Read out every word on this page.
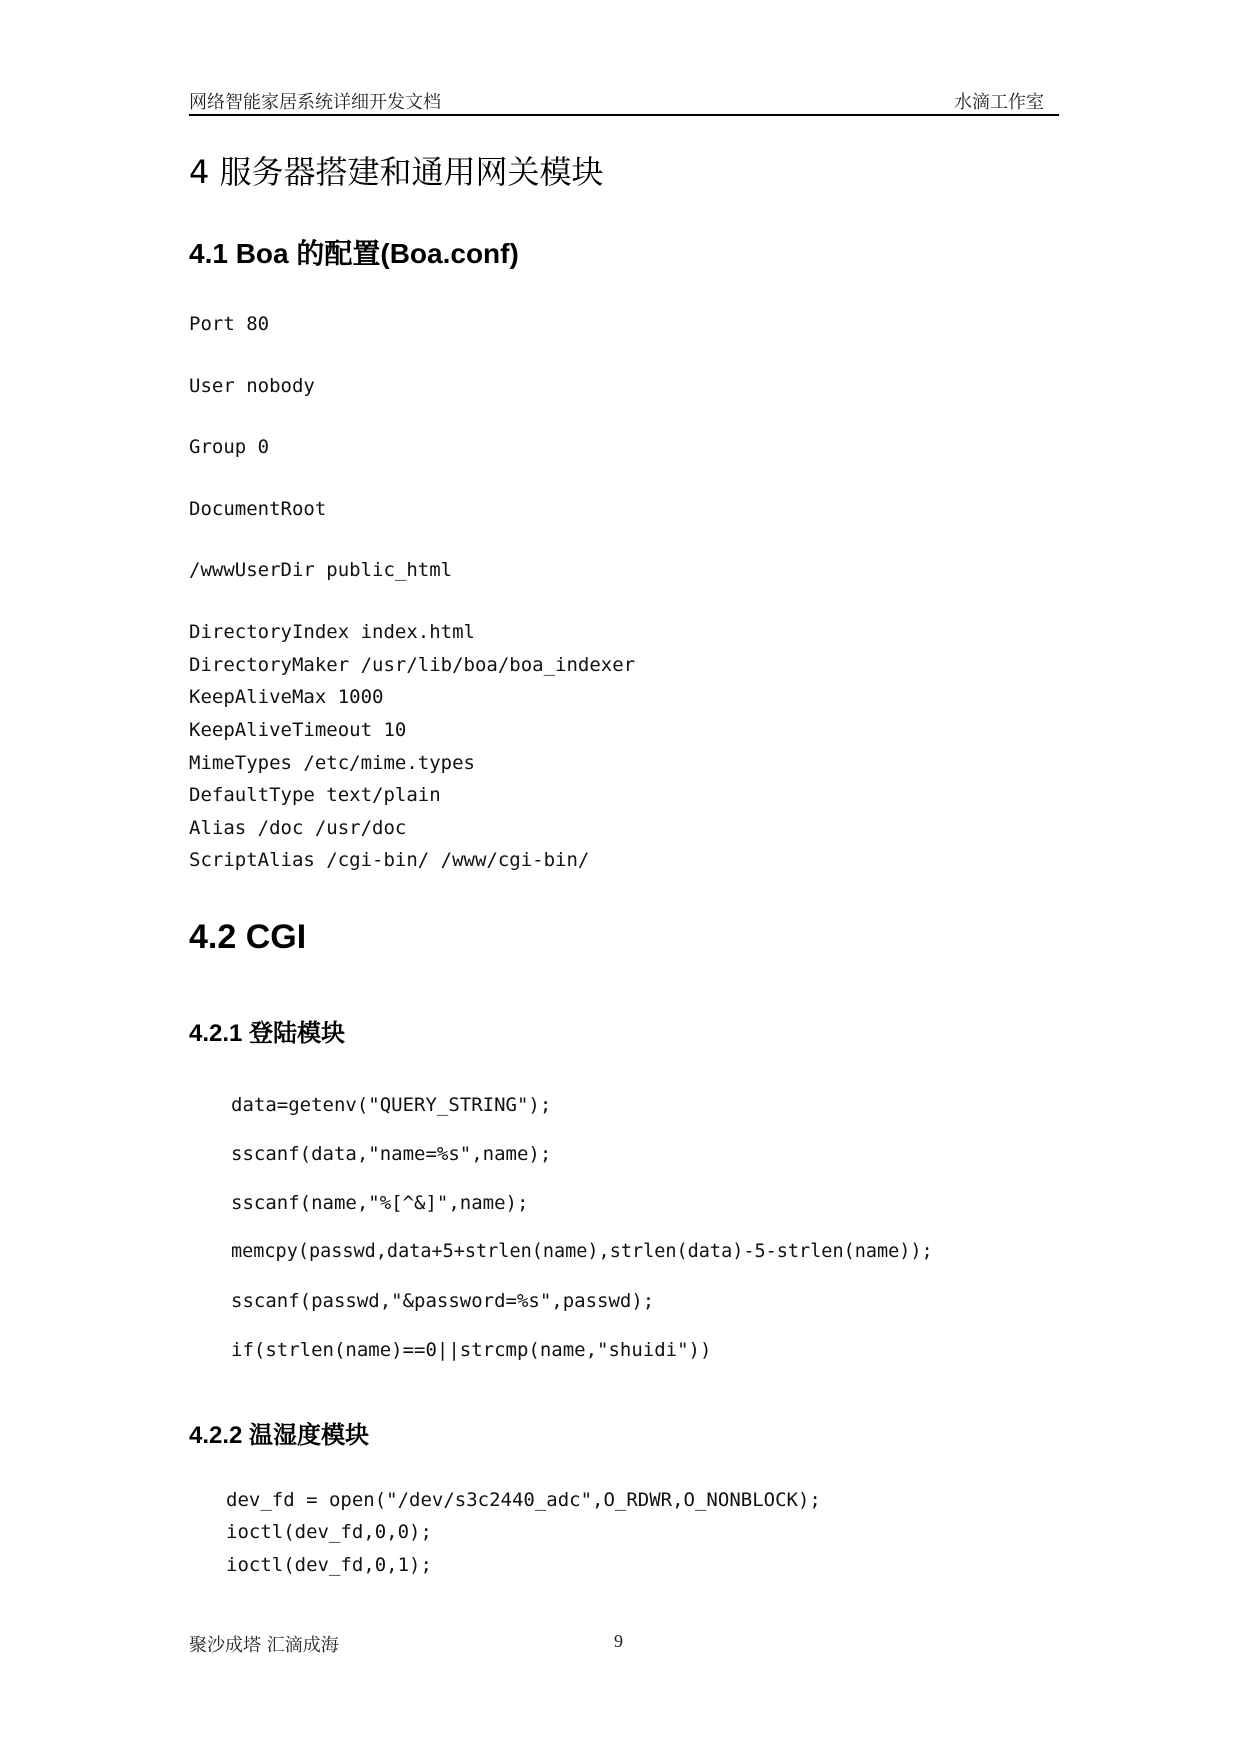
网络智能家居系统详细开发文档	水滴工作室
4 服务器搭建和通用网关模块
4.1 Boa 的配置(Boa.conf)
Port 80
User nobody
Group 0
DocumentRoot
/wwwUserDir public_html
DirectoryIndex index.html
DirectoryMaker /usr/lib/boa/boa_indexer
KeepAliveMax 1000
KeepAliveTimeout 10
MimeTypes /etc/mime.types
DefaultType text/plain
Alias /doc /usr/doc
ScriptAlias /cgi-bin/ /www/cgi-bin/
4.2 CGI
4.2.1 登陆模块
data=getenv("QUERY_STRING");
sscanf(data,"name=%s",name);
sscanf(name,"%[^&]",name);
memcpy(passwd,data+5+strlen(name),strlen(data)-5-strlen(name));
sscanf(passwd,"&password=%s",passwd);
if(strlen(name)==0||strcmp(name,"shuidi"))
4.2.2 温湿度模块
dev_fd = open("/dev/s3c2440_adc",O_RDWR,O_NONBLOCK);
ioctl(dev_fd,0,0);
ioctl(dev_fd,0,1);
聚沙成塔 汇滴成海	9
